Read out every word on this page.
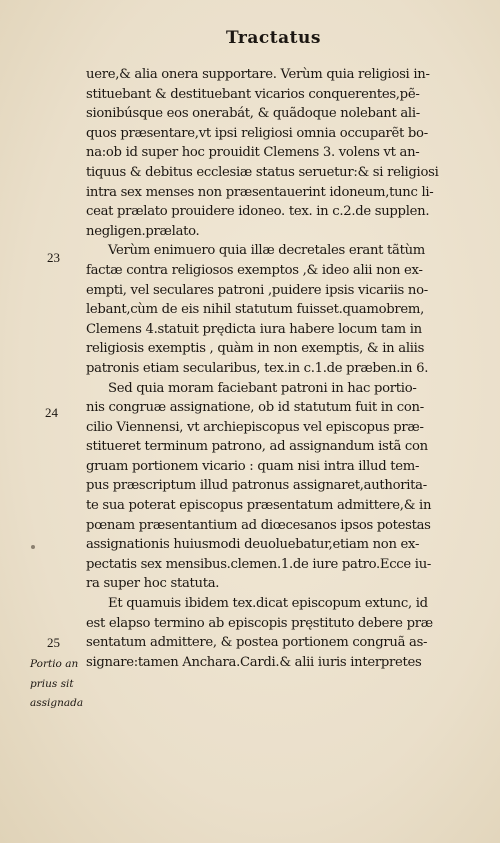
Tractatus
23
24
25
Portio an
prius sit
assignada

uere,& alia onera supportare. Verùm quia religiosi in-
stituebant & destituebant vicarios conquerentes,pẽ-
sionibúsque eos onerabát, & quãdoque nolebant ali-
quos præsentare,vt ipsi religiosi omnia occuparẽt bo-
na:ob id super hoc prouidit Clemens 3. volens vt an-
tiquus & debitus ecclesiæ status seruetur:& si religiosi
intra sex menses non præsentauerint idoneum,tunc li-
ceat prælato prouidere idoneo. tex. in c.2.de supplen.
negligen.prælato.

Verùm enimuero quia illæ decretales erant tãtùm
factæ contra religiosos exemptos ,& ideo alii non ex-
empti, vel seculares patroni ,puidere ipsis vicariis no-
lebant,cùm de eis nihil statutum fuisset.quamobrem,
Clemens 4.statuit prędicta iura habere locum tam in
religiosis exemptis , quàm in non exemptis, & in aliis
patronis etiam secularibus, tex.in c.1.de præben.in 6.

Sed quia moram faciebant patroni in hac portio-
nis congruæ assignatione, ob id statutum fuit in con-
cilio Viennensi, vt archiepiscopus vel episcopus præ-
stitueret terminum patrono, ad assignandum istã con
gruam portionem vicario : quam nisi intra illud tem-
pus præscriptum illud patronus assignaret,authorita-
te sua poterat episcopus præsentatum admittere,& in
pœnam præsentantium ad diœcesanos ipsos potestas
assignationis huiusmodi deuoluebatur,etiam non ex-
pectatis sex mensibus.clemen.1.de iure patro.Ecce iu-
ra super hoc statuta.

Et quamuis ibidem tex.dicat episcopum extunc, id
est elapso termino ab episcopis pręstituto debere præ
sentatum admittere, & postea portionem congruã as-
signare:tamen Anchara.Cardi.& alii iuris interpretes
